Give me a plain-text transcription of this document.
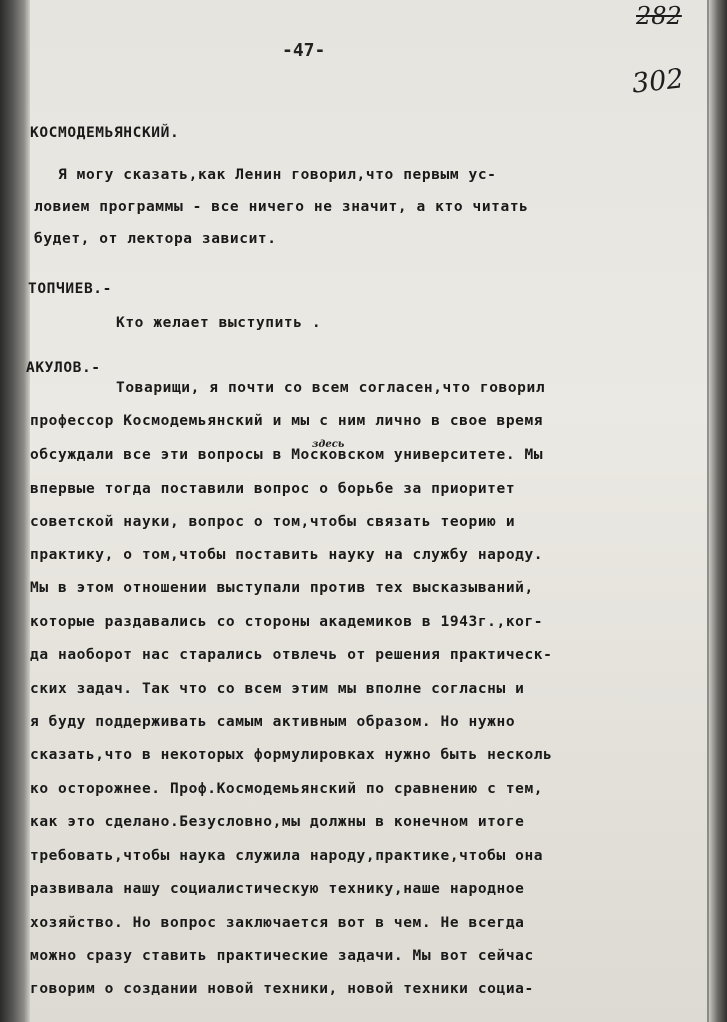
282
302
-47-
КОСМОДЕМЬЯНСКИЙ.
Я могу сказать,как Ленин говорил,что первым ус-
ловием программы - все ничего не значит, а кто читать
будет, от лектора зависит.
ТОПЧИЕВ.-
Кто желает выступить .
АКУЛОВ.-
Товарищи, я почти со всем согласен,что говорил
профессор Космодемьянский и мы с ним лично в свое время
обсуждали все эти вопросы в Московском университете. Мы
здесь
впервые тогда поставили вопрос о борьбе за приоритет
советской науки, вопрос о том,чтобы связать теорию и
практику, о том,чтобы поставить науку на службу народу.
Мы в этом отношении выступали против тех высказываний,
которые раздавались со стороны академиков в 1943г.,ког-
да наоборот нас старались отвлечь от решения практическ-
ских задач. Так что со всем этим мы вполне согласны и
я буду поддерживать самым активным образом. Но нужно
сказать,что в некоторых формулировках нужно быть несколь
ко осторожнее. Проф.Космодемьянский по сравнению с тем,
как это сделано.Безусловно,мы должны в конечном итоге
требовать,чтобы наука служила народу,практике,чтобы она
развивала нашу социалистическую технику,наше народное
хозяйство. Но вопрос заключается вот в чем. Не всегда
можно сразу ставить практические задачи. Мы вот сейчас
говорим о создании новой техники, новой техники социа-
